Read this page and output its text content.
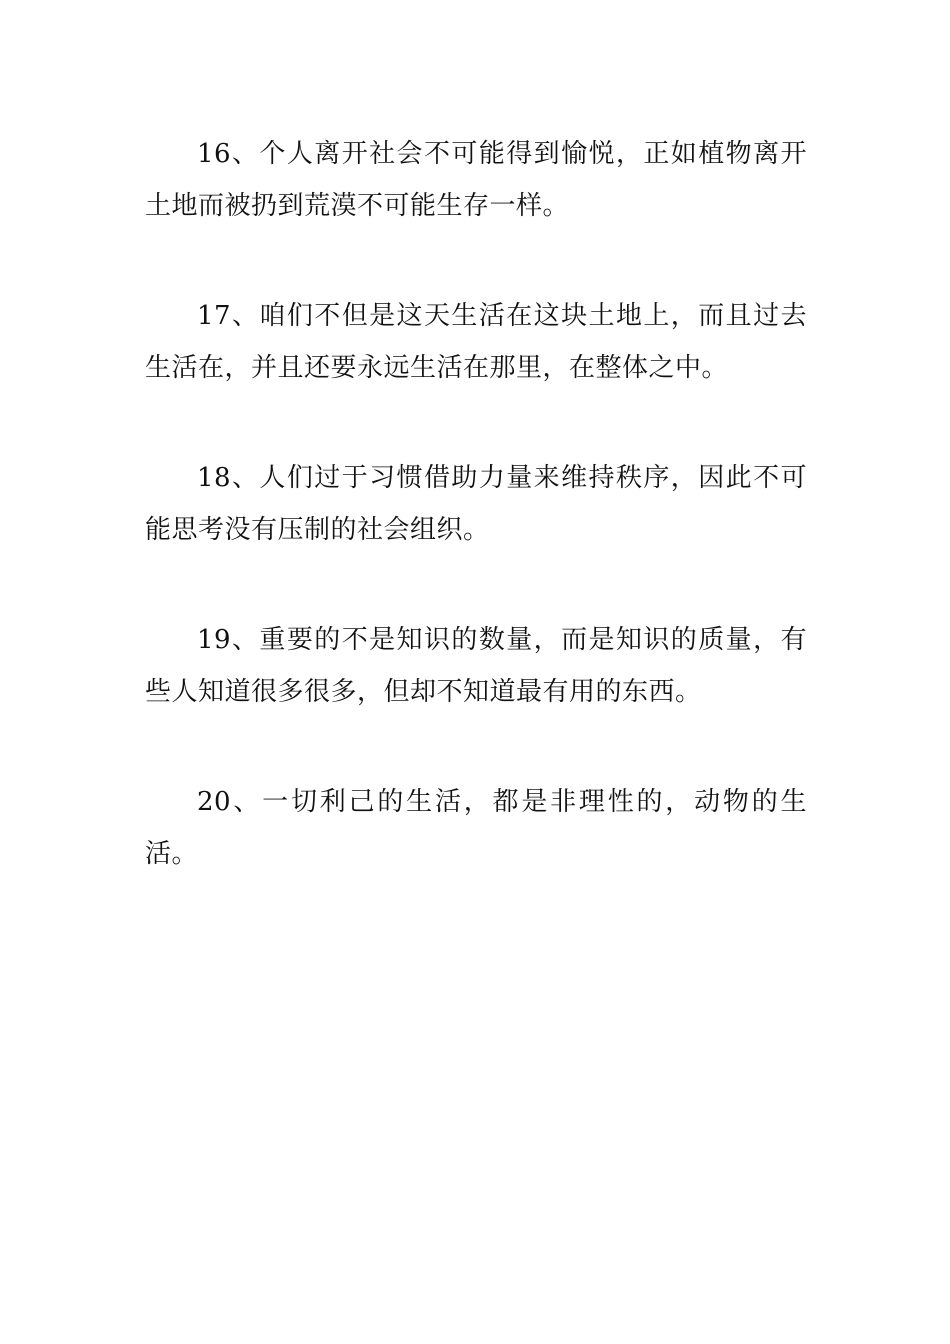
16、个人离开社会不可能得到愉悦，正如植物离开土地而被扔到荒漠不可能生存一样。

17、咱们不但是这天生活在这块土地上，而且过去生活在，并且还要永远生活在那里，在整体之中。

18、人们过于习惯借助力量来维持秩序，因此不可能思考没有压制的社会组织。

19、重要的不是知识的数量，而是知识的质量，有些人知道很多很多，但却不知道最有用的东西。

20、一切利己的生活，都是非理性的，动物的生活。
